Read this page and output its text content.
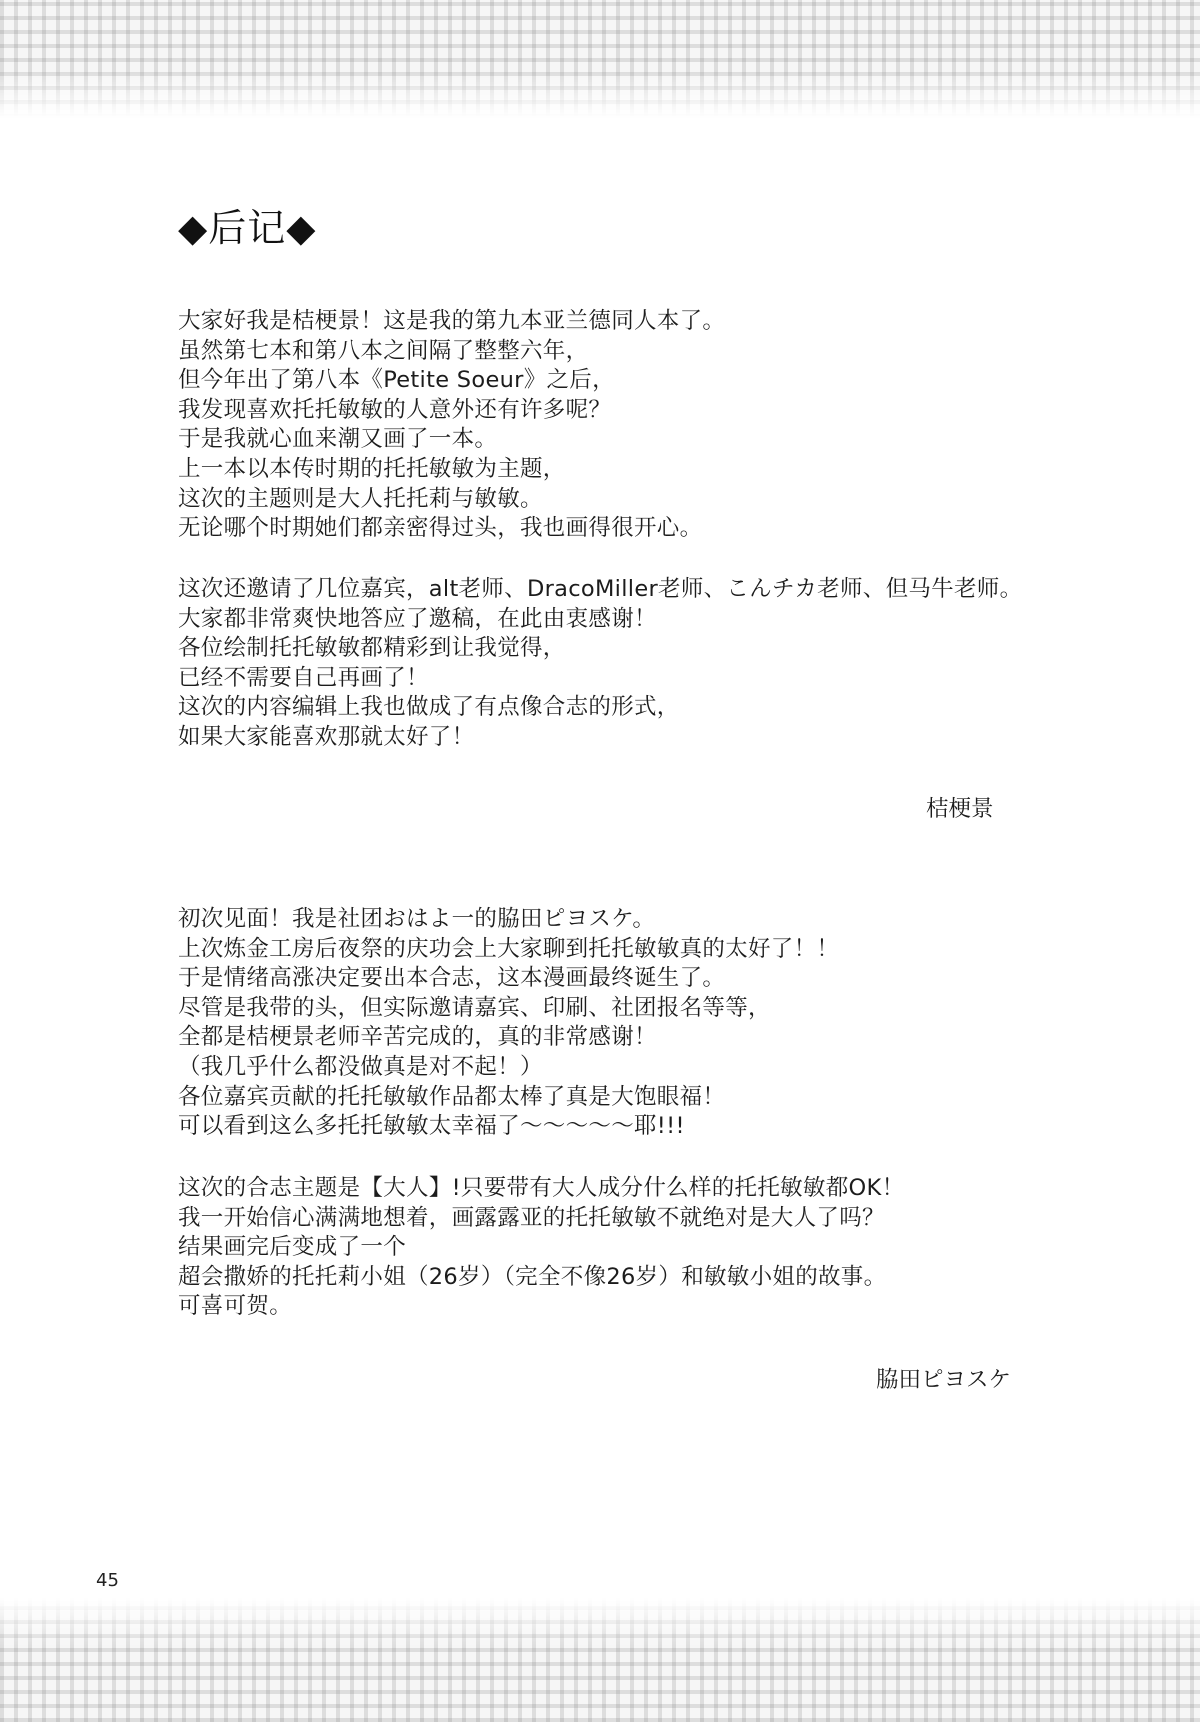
◆后记◆
大家好我是桔梗景！这是我的第九本亚兰德同人本了。
虽然第七本和第八本之间隔了整整六年，
但今年出了第八本《Petite Soeur》之后，
我发现喜欢托托敏敏的人意外还有许多呢？
于是我就心血来潮又画了一本。
上一本以本传时期的托托敏敏为主题，
这次的主题则是大人托托莉与敏敏。
无论哪个时期她们都亲密得过头，我也画得很开心。
这次还邀请了几位嘉宾，alt老师、DracoMiller老师、こんチカ老师、但马牛老师。
大家都非常爽快地答应了邀稿，在此由衷感谢！
各位绘制托托敏敏都精彩到让我觉得，
已经不需要自己再画了！
这次的内容编辑上我也做成了有点像合志的形式，
如果大家能喜欢那就太好了！
桔梗景
初次见面！我是社团おはよ一的脇田ピヨスケ。
上次炼金工房后夜祭的庆功会上大家聊到托托敏敏真的太好了！！
于是情绪高涨决定要出本合志，这本漫画最终诞生了。
尽管是我带的头，但实际邀请嘉宾、印刷、社团报名等等，
全都是桔梗景老师辛苦完成的，真的非常感谢！
（我几乎什么都没做真是对不起！）
各位嘉宾贡献的托托敏敏作品都太棒了真是大饱眼福！
可以看到这么多托托敏敏太幸福了～～～～～耶!!!
这次的合志主题是【大人】!只要带有大人成分什么样的托托敏敏都OK！
我一开始信心满满地想着，画露露亚的托托敏敏不就绝对是大人了吗？
结果画完后变成了一个
超会撒娇的托托莉小姐（26岁）（完全不像26岁）和敏敏小姐的故事。
可喜可贺。
脇田ピヨスケ
45
